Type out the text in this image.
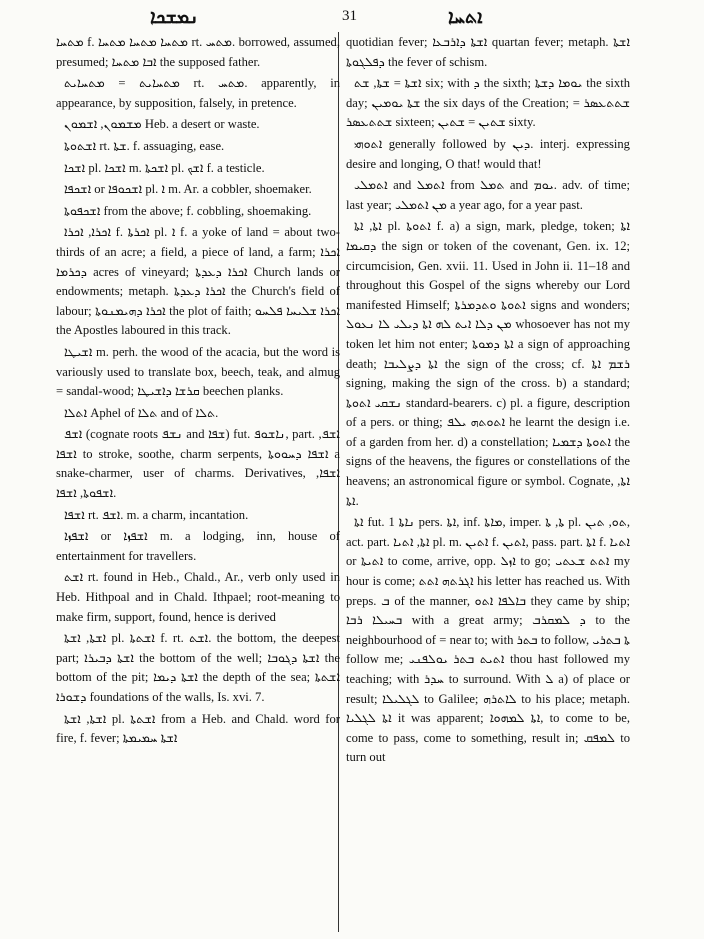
ܢܡܫܟܐ	31	ܐܬܚܐ

ܡܬܚܐ f. ܡܬܚܐ ܡܬܚܐ ܡܬܚܐ rt. ܡܬܚ. borrowed, assumed, presumed; ܐܒܐ ܡܬܚܐ the supposed father.

ܡܬܚܐܝܬ = ܡܬܚܐܝܬ rt. ܡܬܚ. apparently, in appearance, by supposition, falsely, in pretence.

ܡܫܡܘܢ, ܐܫܡܘܢ Heb. a desert or waste.

ܐܫܬܘܬܐ rt. ܫܬܐ. f. assuaging, ease.

ܐܫܟܐ pl. ܐܫܟܐ m. ܐܫܟܬܐ pl. ܐܫܟ f. a testicle.

ܐܫܟܦܐ or ܐܫܟܘܦܐ pl. ܐ m. Ar. a cobbler, shoemaker.

ܐܫܟܦܘܬܐ from the above; f. cobbling, shoemaking.

ܐܟܪܐ, ܐܟܪܐ f. ܐܟܪܬܐ pl. ܐ f. a yoke of land = about two-thirds of an acre; a field, a piece of land, a farm; ܐܟܪܐ ܕܟܪܡܐ acres of vineyard; ܐܟܪܐ ܕܥܕܬܐ Church lands or endowments; metaph. ܐܟܪܐ ܕܥܕܬܐ the Church's field of labour; ܐܟܪܐ ܕܗܝܡܢܘܬܐ the plot of faith; ܐܟܪܐ ܫܠܝܚܐ ܦܠܚܘ the Apostles laboured in this track.

ܐܫܝܛܐ m. perh. the wood of the acacia, but the word is variously used to translate box, beech, teak, and almug = sandal-wood; ܩܪܫܐ ܕܐܫܝܛܐ beechen planks.

ܐܬܠܐ Aphel of ܬܠܐ and of ܬܠܐ.

ܐܫܦ (cognate roots ܢܫܦ and ܫܦܐ) fut. ܢܐܫܘܦ, part. ܐܫܦ, ܐܫܦܐ to stroke, soothe, charm serpents, ܐܫܦܐ ܕܚܘܘܬܐ a snake-charmer, user of charms. Derivatives, ܐܫܦܐ, ܐܫܦܘܬܐ, ܐܫܦܐ.

ܐܫܦܐ rt. ܐܫܦ. m. a charm, incantation.

ܐܫܦܙܐ or ܐܫܦܙܐ m. a lodging, inn, house of entertainment for travellers.

ܐܫܬ rt. found in Heb., Chald., Ar., verb only used in Heb. Hithpoal and in Chald. Ithpael; root-meaning to make firm, support, found, hence is derived

ܐܫܬܐ, ܐܫܬܐ pl. ܐܫܬܬܐ f. rt. ܐܫܬ. the bottom, the deepest part; ܐܫܬܐ ܕܒܝܪܐ the bottom of the well; ܐܫܬܐ ܕܓܘܒܐ the bottom of the pit; ܐܫܬܐ ܕܝܡܐ the depth of the sea; ܐܫܬܬܐ ܕܫܘܪܐ foundations of the walls, Is. xvi. 7.

ܐܫܬܐ, ܐܫܬܐ pl. ܐܫܬܬܐ from a Heb. and Chald. word for fire, f. fever; ܐܫܬܐ ܚܡܝܡܬܐ

quotidian fever; ܐܫܬܐ ܕܐܪܒܥܐ quartan fever; metaph. ܐܫܬܐ ܕܦܠܓܘܬܐ the fever of schism.

ܐܫܬܐ = ܫܬܐ, ܫܬ six; with ܕ the sixth; ܝܘܡܐ ܕܫܬܐ the sixth day; ܫܬܐ ܝܘܡܝܢ the six days of the Creation; ܫܬܬܥܣܪ = ܫܬܬܥܣܪ sixteen; ܫܬܝܢ = ܫܬܝܢ sixty.

ܐܬܘܗܝ generally followed by ܕܝܢ. interj. expressing desire and longing, O that! would that!

ܐܬܡܠܝ and ܐܬܡܠ from ܬܡܠ and ܝܘܡ. adv. of time; last year; ܡܢ ܐܬܡܠܝ a year ago, for a year past.

ܐܬܐ, ܐܬܐ pl. ܐܬܘܬܐ f. a) a sign, mark, pledge, token; ܐܬܐ ܕܩܝܡܐ the sign or token of the covenant, Gen. ix. 12; circumcision, Gen. xvii. 11. Used in John ii. 11–18 and throughout this Gospel of the signs whereby our Lord manifested Himself; ܐܬܘܬܐ ܘܬܕܡܪܬܐ signs and wonders; ܡܢ ܕܠܐ ܐܝܬ ܠܗ ܐܬܐ ܕܝܠܝ ܠܐ ܢܥܘܠ whosoever has not my token let him not enter; ܐܬܐ ܕܡܘܬܐ a sign of approaching death; ܐܬܐ ܕܨܠܝܒܐ the sign of the cross; cf. ܪܫܡ ܐܬܐ signing, making the sign of the cross. b) a standard; ܢܫܩܝ ܐܬܘܬܐ standard-bearers. c) pl. a figure, description of a pers. or thing; ܐܬܘܬܗ ܝܠܦ he learnt the design i.e. of a garden from her. d) a constellation; ܐܬܘܬܐ ܕܫܡܝܐ the signs of the heavens, the figures or constellations of the heavens; an astronomical figure or symbol. Cognate, ܐܬܐ, ܐܬܐ.

ܐܬܐ fut. ܢܐܬܐ 1 pers. ܐܬܐ, inf. ܡܐܬܐ, imper. ܬܐ, ܬܐ pl. ܬܘ, ܬܝܢ, act. part. ܐܬܐ, ܐܬܝܐ pl. m. ܐܬܝܢ f. ܐܬܝܢ, pass. part. ܐܬܐ f. ܐܬܝܐ or ܐܬܝܬܐ to come, arrive, opp. ܐܙܠ to go; ܐܬܬ ܫܥܬܝ my hour is come; ܐܓܪܬܗ ܐܬܬ his letter has reached us. With preps. ܒ of the manner, ܒܐܠܦܐ ܐܬܘ they came by ship; ܒܚܝܠܐ ܪܒܐ with a great army; ܕ ܠܡܩܪܒ to the neighbourhood of = near to; with ܒܬܪ to follow, ܬܐ ܒܬܪܝ follow me; ܐܬܝܬ ܒܬܪ ܝܘܠܦܢܝ thou hast followed my teaching; with ܚܕܪ to surround. With ܠ a) of place or result; ܠܓܠܝܠܐ to Galilee; ܠܐܬܪܗ to his place; metaph. ܐܬܐ ܠܓܠܝܐ it was apparent; ܐܬܐ ܠܡܗܘܐ, to come to be, come to pass, come to something, result in; ܠܡܦܩ to turn out
